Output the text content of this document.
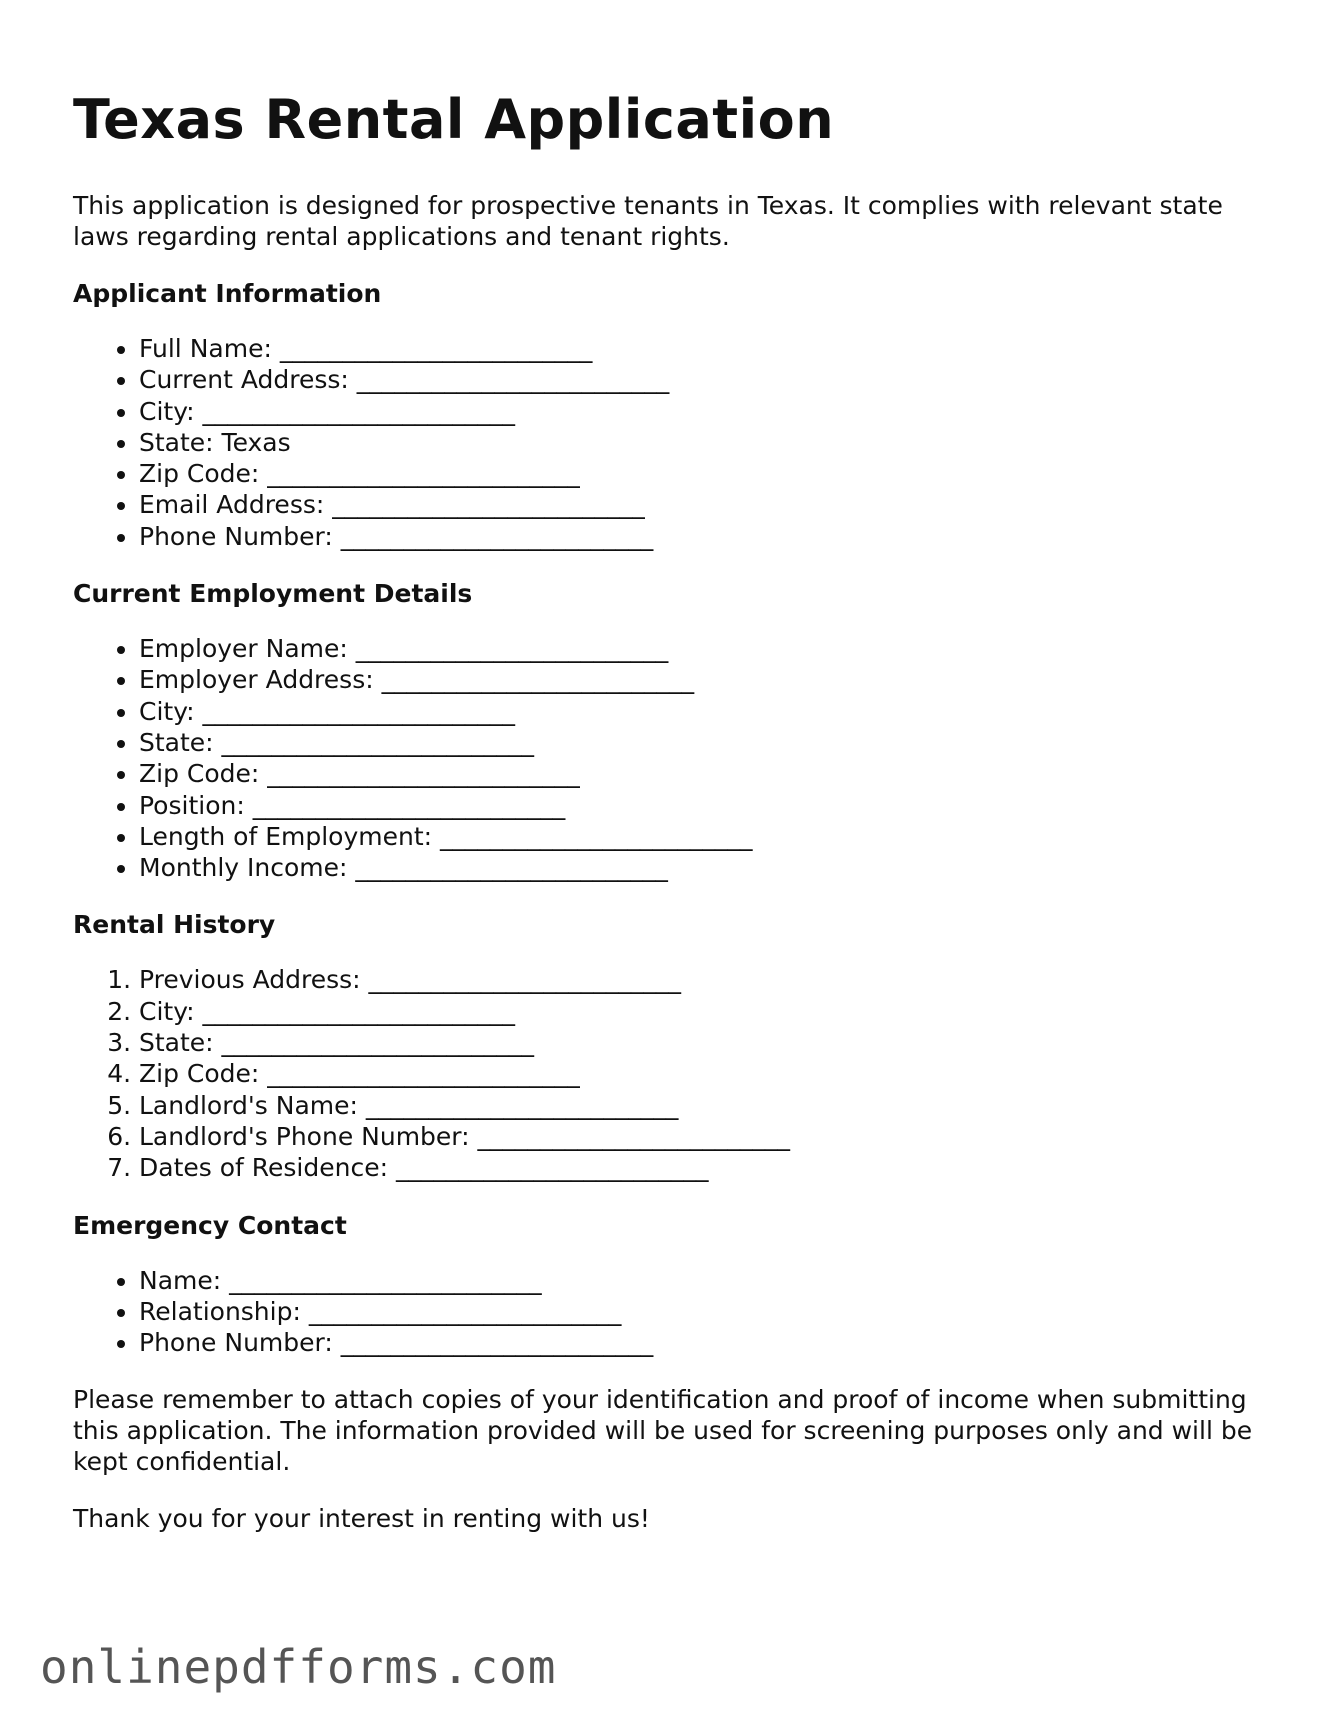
Texas Rental Application

This application is designed for prospective tenants in Texas. It complies with relevant state laws regarding rental applications and tenant rights.

Applicant Information
• Full Name: _________________________
• Current Address: _________________________
• City: _________________________
• State: Texas
• Zip Code: _________________________
• Email Address: _________________________
• Phone Number: _________________________
Current Employment Details
• Employer Name: _________________________
• Employer Address: _________________________
• City: _________________________
• State: _________________________
• Zip Code: _________________________
• Position: _________________________
• Length of Employment: _________________________
• Monthly Income: _________________________
Rental History
1. Previous Address: _________________________
2. City: _________________________
3. State: _________________________
4. Zip Code: _________________________
5. Landlord's Name: _________________________
6. Landlord's Phone Number: _________________________
7. Dates of Residence: _________________________
Emergency Contact
• Name: _________________________
• Relationship: _________________________
• Phone Number: _________________________

Please remember to attach copies of your identification and proof of income when submitting this application. The information provided will be used for screening purposes only and will be kept confidential.

Thank you for your interest in renting with us!

onlinepdfforms.com
